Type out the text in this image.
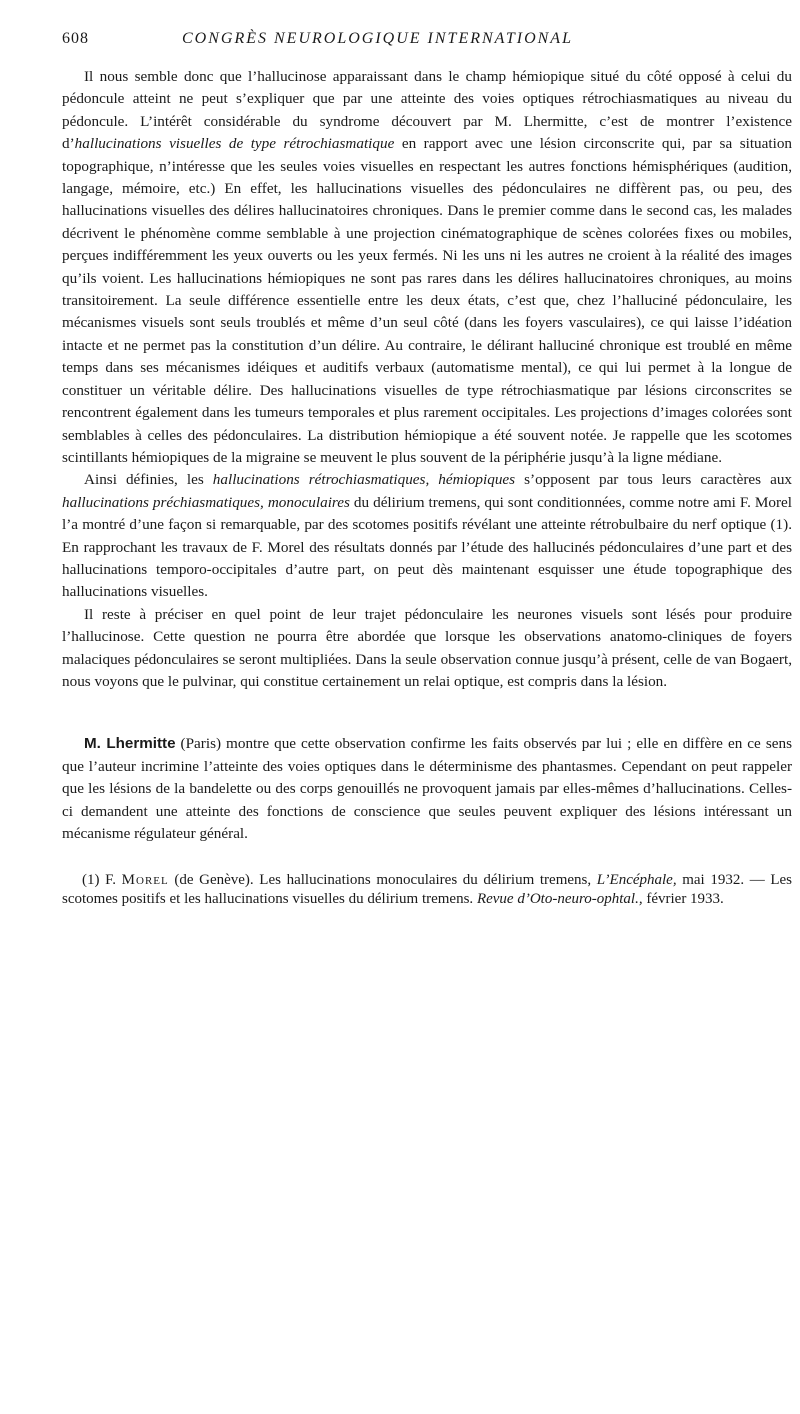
608	CONGRÈS NEUROLOGIQUE INTERNATIONAL

Il nous semble donc que l’hallucinose apparaissant dans le champ hémiopique situé du côté opposé à celui du pédoncule atteint ne peut s’expliquer que par une atteinte des voies optiques rétrochiasmatiques au niveau du pédoncule. L’intérêt considérable du syndrome découvert par M. Lhermitte, c’est de montrer l’existence d’hallucinations visuelles de type rétrochiasmatique en rapport avec une lésion circonscrite qui, par sa situation topographique, n’intéresse que les seules voies visuelles en respectant les autres fonctions hémisphériques (audition, langage, mémoire, etc.) En effet, les hallucinations visuelles des pédonculaires ne diffèrent pas, ou peu, des hallucinations visuelles des délires hallucinatoires chroniques. Dans le premier comme dans le second cas, les malades décrivent le phénomène comme semblable à une projection cinématographique de scènes colorées fixes ou mobiles, perçues indifféremment les yeux ouverts ou les yeux fermés. Ni les uns ni les autres ne croient à la réalité des images qu’ils voient. Les hallucinations hémiopiques ne sont pas rares dans les délires hallucinatoires chroniques, au moins transitoirement. La seule différence essentielle entre les deux états, c’est que, chez l’halluciné pédonculaire, les mécanismes visuels sont seuls troublés et même d’un seul côté (dans les foyers vasculaires), ce qui laisse l’idéation intacte et ne permet pas la constitution d’un délire. Au contraire, le délirant halluciné chronique est troublé en même temps dans ses mécanismes idéiques et auditifs verbaux (automatisme mental), ce qui lui permet à la longue de constituer un véritable délire. Des hallucinations visuelles de type rétrochiasmatique par lésions circonscrites se rencontrent également dans les tumeurs temporales et plus rarement occipitales. Les projections d’images colorées sont semblables à celles des pédonculaires. La distribution hémiopique a été souvent notée. Je rappelle que les scotomes scintillants hémiopiques de la migraine se meuvent le plus souvent de la périphérie jusqu’à la ligne médiane.

Ainsi définies, les hallucinations rétrochiasmatiques, hémiopiques s’opposent par tous leurs caractères aux hallucinations préchiasmatiques, monoculaires du délirium tremens, qui sont conditionnées, comme notre ami F. Morel l’a montré d’une façon si remarquable, par des scotomes positifs révélant une atteinte rétrobulbaire du nerf optique (1). En rapprochant les travaux de F. Morel des résultats donnés par l’étude des hallucinés pédonculaires d’une part et des hallucinations temporo-occipitales d’autre part, on peut dès maintenant esquisser une étude topographique des hallucinations visuelles.

Il reste à préciser en quel point de leur trajet pédonculaire les neurones visuels sont lésés pour produire l’hallucinose. Cette question ne pourra être abordée que lorsque les observations anatomo-cliniques de foyers malaciques pédonculaires se seront multipliées. Dans la seule observation connue jusqu’à présent, celle de van Bogaert, nous voyons que le pulvinar, qui constitue certainement un relai optique, est compris dans la lésion.

M. Lhermitte (Paris) montre que cette observation confirme les faits observés par lui ; elle en diffère en ce sens que l’auteur incrimine l’atteinte des voies optiques dans le déterminisme des phantasmes. Cependant on peut rappeler que les lésions de la bandelette ou des corps genouillés ne provoquent jamais par elles-mêmes d’hallucinations. Celles-ci demandent une atteinte des fonctions de conscience que seules peuvent expliquer des lésions intéressant un mécanisme régulateur général.

(1) F. Morel (de Genève). Les hallucinations monoculaires du délirium tremens, L’Encéphale, mai 1932. — Les scotomes positifs et les hallucinations visuelles du délirium tremens. Revue d’Oto-neuro-ophtal., février 1933.
